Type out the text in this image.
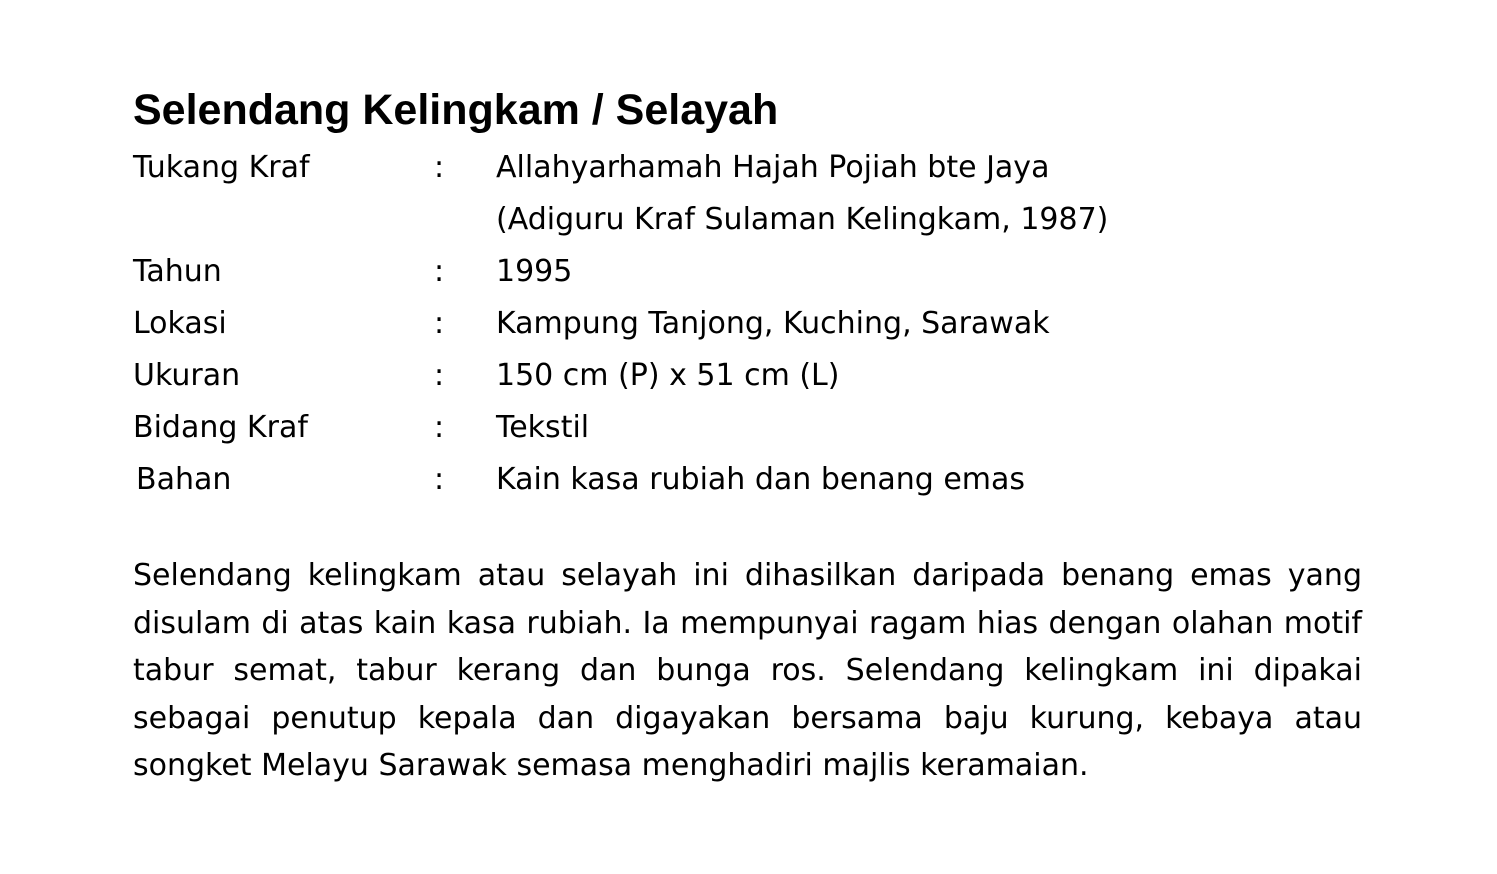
Selendang Kelingkam / Selayah
Tukang Kraf	:	Allahyarhamah Hajah Pojiah bte Jaya
(Adiguru Kraf Sulaman Kelingkam, 1987)
Tahun	:	1995
Lokasi	:	Kampung Tanjong, Kuching, Sarawak
Ukuran	:	150 cm (P) x 51 cm (L)
Bidang Kraf	:	Tekstil
Bahan	:	Kain kasa rubiah dan benang emas

Selendang kelingkam atau selayah ini dihasilkan daripada benang emas yang disulam di atas kain kasa rubiah. Ia mempunyai ragam hias dengan olahan motif tabur semat, tabur kerang dan bunga ros. Selendang kelingkam ini dipakai sebagai penutup kepala dan digayakan bersama baju kurung, kebaya atau songket Melayu Sarawak semasa menghadiri majlis keramaian.
